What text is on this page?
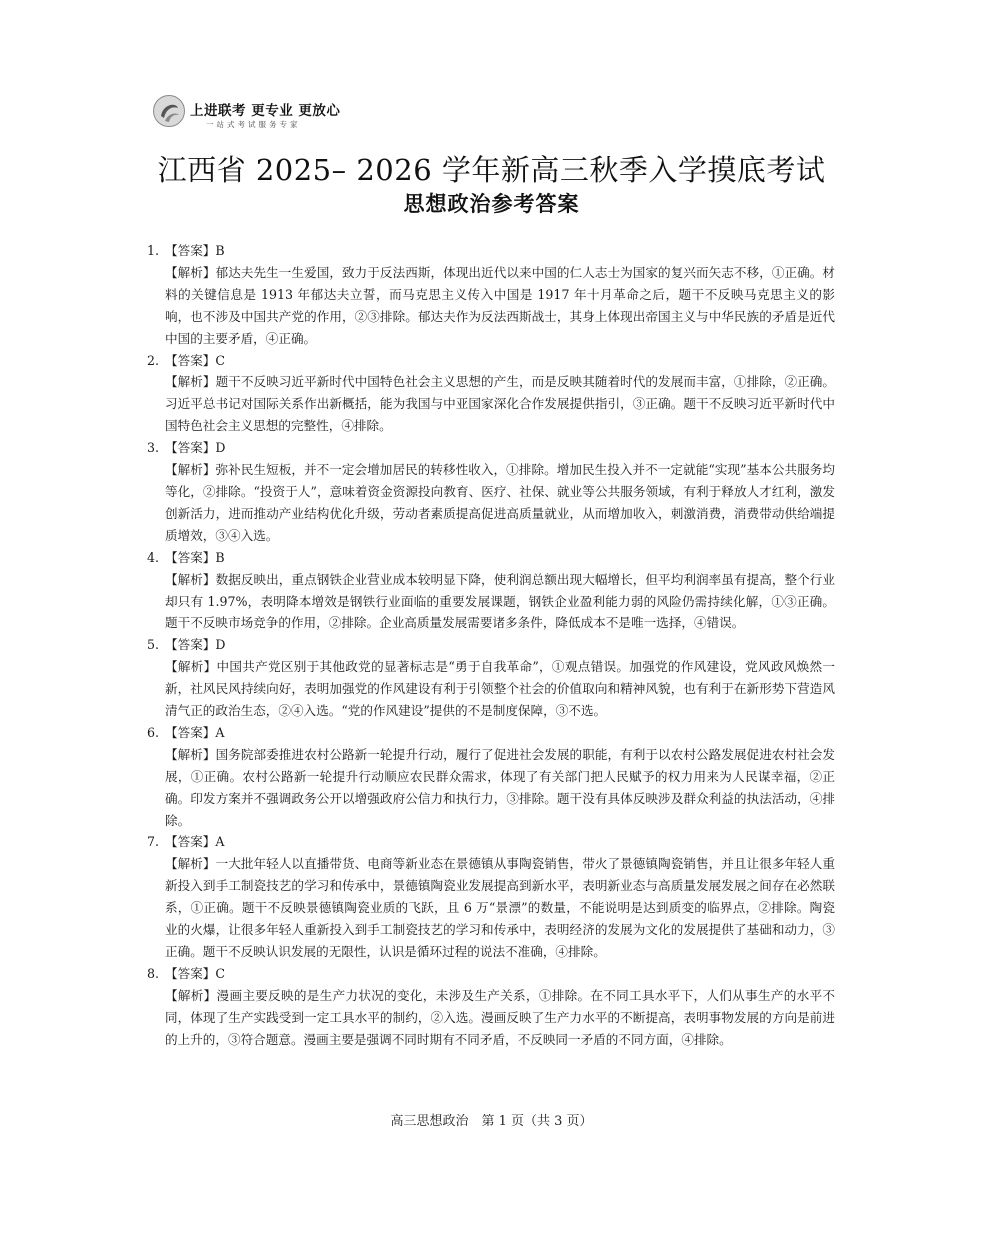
上进联考 更专业 更放心
一站式考试服务专家
江西省 2025– 2026 学年新高三秋季入学摸底考试
思想政治参考答案
1. 【答案】B
【解析】郁达夫先生一生爱国，致力于反法西斯，体现出近代以来中国的仁人志士为国家的复兴而矢志不移，①正确。材料的关键信息是 1913 年郁达夫立誓，而马克思主义传入中国是 1917 年十月革命之后，题干不反映马克思主义的影响，也不涉及中国共产党的作用，②③排除。郁达夫作为反法西斯战士，其身上体现出帝国主义与中华民族的矛盾是近代中国的主要矛盾，④正确。
2. 【答案】C
【解析】题干不反映习近平新时代中国特色社会主义思想的产生，而是反映其随着时代的发展而丰富，①排除，②正确。习近平总书记对国际关系作出新概括，能为我国与中亚国家深化合作发展提供指引，③正确。题干不反映习近平新时代中国特色社会主义思想的完整性，④排除。
3. 【答案】D
【解析】弥补民生短板，并不一定会增加居民的转移性收入，①排除。增加民生投入并不一定就能“实现”基本公共服务均等化，②排除。“投资于人”，意味着资金资源投向教育、医疗、社保、就业等公共服务领域，有利于释放人才红利，激发创新活力，进而推动产业结构优化升级，劳动者素质提高促进高质量就业，从而增加收入，刺激消费，消费带动供给端提质增效，③④入选。
4. 【答案】B
【解析】数据反映出，重点钢铁企业营业成本较明显下降，使利润总额出现大幅增长，但平均利润率虽有提高，整个行业却只有 1.97%，表明降本增效是钢铁行业面临的重要发展课题，钢铁企业盈利能力弱的风险仍需持续化解，①③正确。题干不反映市场竞争的作用，②排除。企业高质量发展需要诸多条件，降低成本不是唯一选择，④错误。
5. 【答案】D
【解析】中国共产党区别于其他政党的显著标志是“勇于自我革命”，①观点错误。加强党的作风建设，党风政风焕然一新，社风民风持续向好，表明加强党的作风建设有利于引领整个社会的价值取向和精神风貌，也有利于在新形势下营造风清气正的政治生态，②④入选。“党的作风建设”提供的不是制度保障，③不选。
6. 【答案】A
【解析】国务院部委推进农村公路新一轮提升行动，履行了促进社会发展的职能，有利于以农村公路发展促进农村社会发展，①正确。农村公路新一轮提升行动顺应农民群众需求，体现了有关部门把人民赋予的权力用来为人民谋幸福，②正确。印发方案并不强调政务公开以增强政府公信力和执行力，③排除。题干没有具体反映涉及群众利益的执法活动，④排除。
7. 【答案】A
【解析】一大批年轻人以直播带货、电商等新业态在景德镇从事陶瓷销售，带火了景德镇陶瓷销售，并且让很多年轻人重新投入到手工制瓷技艺的学习和传承中，景德镇陶瓷业发展提高到新水平，表明新业态与高质量发展发展之间存在必然联系，①正确。题干不反映景德镇陶瓷业质的飞跃，且 6 万“景漂”的数量，不能说明是达到质变的临界点，②排除。陶瓷业的火爆，让很多年轻人重新投入到手工制瓷技艺的学习和传承中，表明经济的发展为文化的发展提供了基础和动力，③正确。题干不反映认识发展的无限性，认识是循环过程的说法不准确，④排除。
8. 【答案】C
【解析】漫画主要反映的是生产力状况的变化，未涉及生产关系，①排除。在不同工具水平下，人们从事生产的水平不同，体现了生产实践受到一定工具水平的制约，②入选。漫画反映了生产力水平的不断提高，表明事物发展的方向是前进的上升的，③符合题意。漫画主要是强调不同时期有不同矛盾，不反映同一矛盾的不同方面，④排除。
高三思想政治　第 1 页（共 3 页）
